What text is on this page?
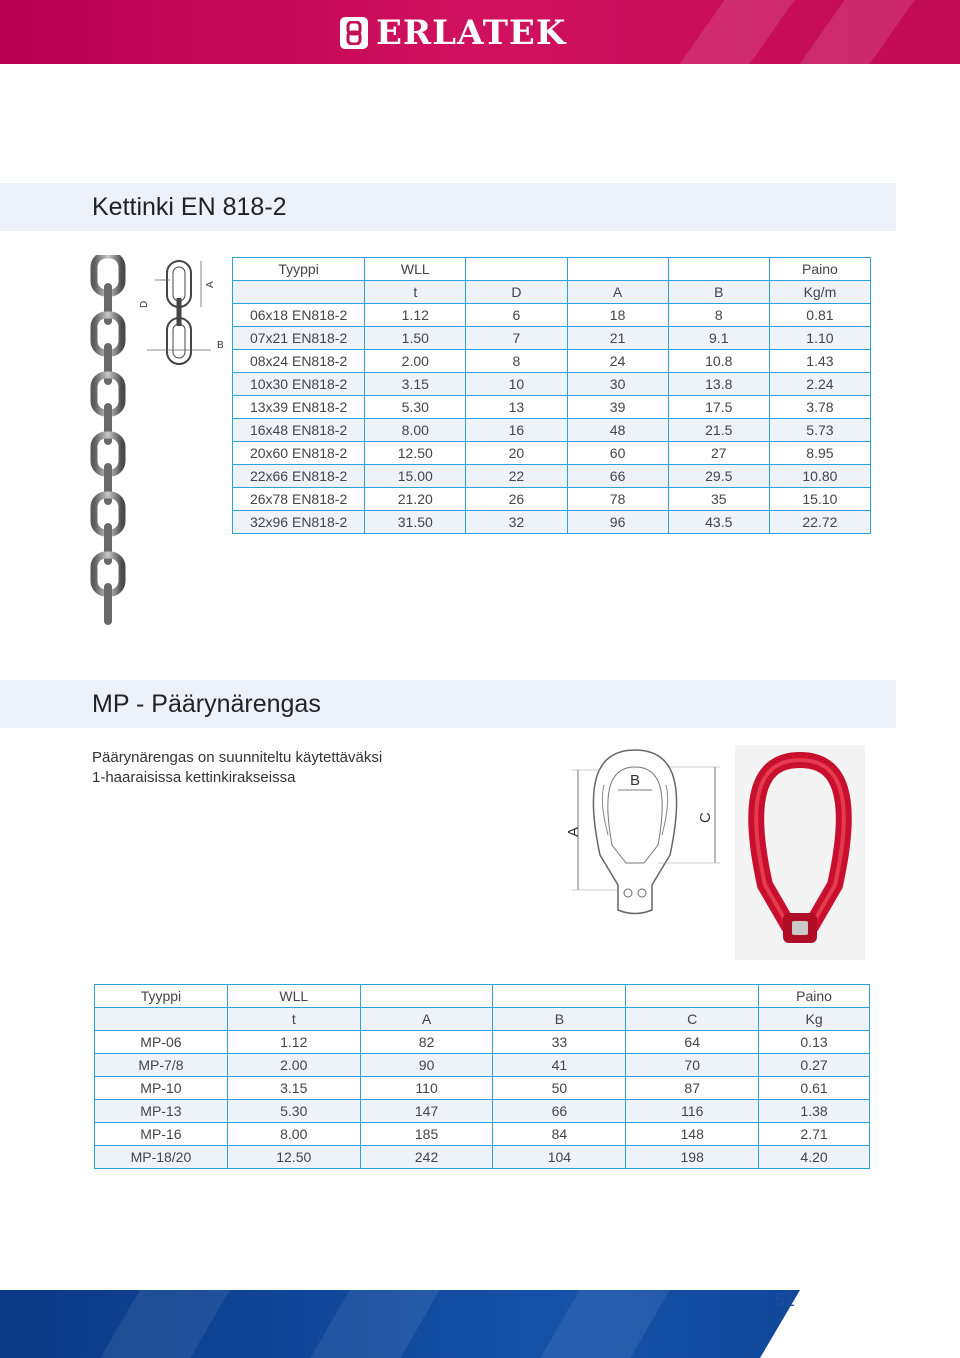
ERLATEK
Kettinki EN 818-2
D
A
B
Tyyppi	WLL				Paino
	t	D	A	B	Kg/m
06x18 EN818-2	1.12	6	18	8	0.81
07x21 EN818-2	1.50	7	21	9.1	1.10
08x24 EN818-2	2.00	8	24	10.8	1.43
10x30 EN818-2	3.15	10	30	13.8	2.24
13x39 EN818-2	5.30	13	39	17.5	3.78
16x48 EN818-2	8.00	16	48	21.5	5.73
20x60 EN818-2	12.50	20	60	27	8.95
22x66 EN818-2	15.00	22	66	29.5	10.80
26x78 EN818-2	21.20	26	78	35	15.10
32x96 EN818-2	31.50	32	96	43.5	22.72
MP - Päärynärengas
Päärynärengas on suunniteltu käytettäväksi
1-haaraisissa kettinkirakseissa	B
A
C
Tyyppi	WLL				Paino
	t	A	B	C	Kg
MP-06	1.12	82	33	64	0.13
MP-7/8	2.00	90	41	70	0.27
MP-10	3.15	110	50	87	0.61
MP-13	5.30	147	66	116	1.38
MP-16	8.00	185	84	148	2.71
MP-18/20	12.50	242	104	198	4.20
51
